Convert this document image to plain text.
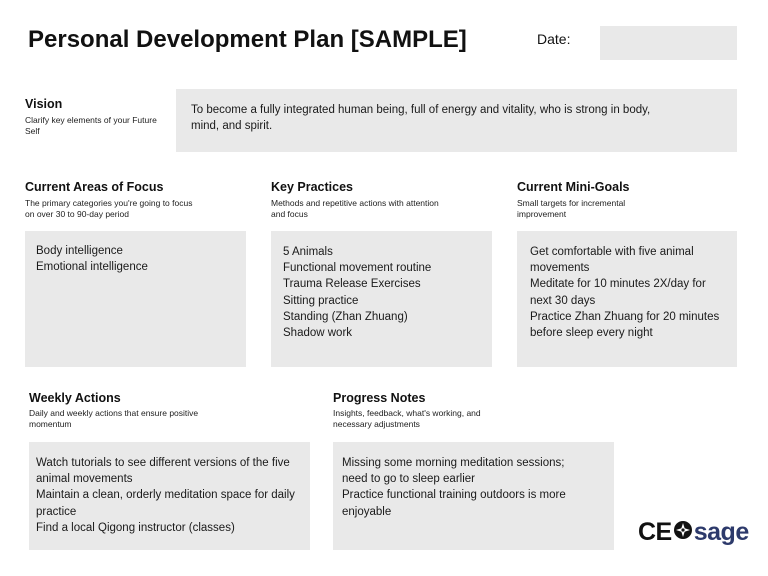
Personal Development Plan [SAMPLE]	Date:
Vision
Clarify key elements of your Future Self
To become a fully integrated human being, full of energy and vitality, who is strong in body, mind, and spirit.
Current Areas of Focus
The primary categories you're going to focus on over 30 to 90-day period
Body intelligence
Emotional intelligence
Key Practices
Methods and repetitive actions with attention and focus
5 Animals
Functional movement routine
Trauma Release Exercises
Sitting practice
Standing (Zhan Zhuang)
Shadow work
Current Mini-Goals
Small targets for incremental improvement
Get comfortable with five animal movements
Meditate for 10 minutes 2X/day for next 30 days
Practice Zhan Zhuang for 20 minutes before sleep every night
Weekly Actions
Daily and weekly actions that ensure positive momentum
Watch tutorials to see different versions of the five animal movements
Maintain a clean, orderly meditation space for daily practice
Find a local Qigong instructor (classes)
Progress Notes
Insights, feedback, what's working, and necessary adjustments
Missing some morning meditation sessions; need to go to sleep earlier
Practice functional training outdoors is more enjoyable
CE sage
